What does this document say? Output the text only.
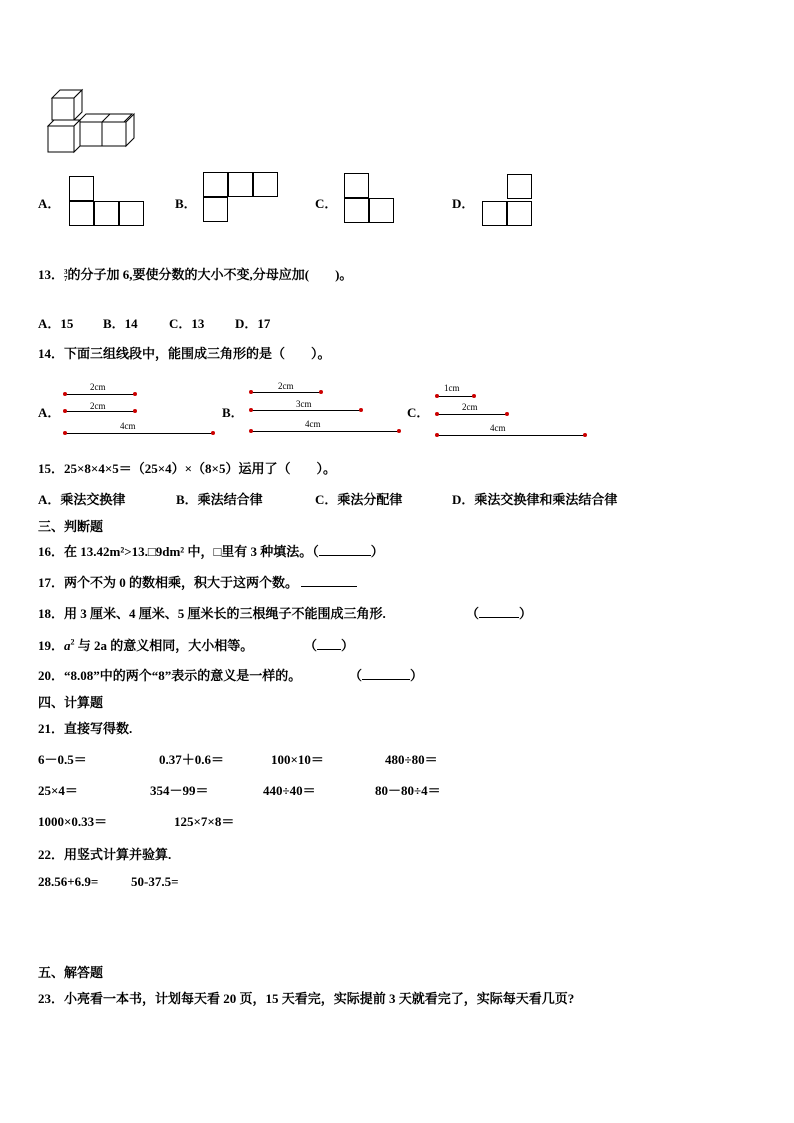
A．	B．	C．	D．
13．3
7的分子加 6,要使分数的大小不变,分母应加(　　)。
A．15 B．14 C．13 D．17
14．下面三组线段中，能围成三角形的是（　　）。
A．
2cm
2cm
4cm
B．
2cm
3cm
4cm
C．
1cm
2cm
4cm
15．25×8×4×5＝（25×4）×（8×5）运用了（　　）。
A．乘法交换律	B．乘法结合律	C．乘法分配律	D．乘法交换律和乘法结合律
三、判断题
16．在 13.42m²>13.□9dm² 中，□里有 3 种填法。（	）
17．两个不为 0 的数相乘，积大于这两个数。
18．用 3 厘米、4 厘米、5 厘米长的三根绳子不能围成三角形.	（	）
19．$a^2$ 与 2a 的意义相同，大小相等。	（ ）
20．“8.08”中的两个“8”表示的意义是一样的。	（	）
四、计算题
21．直接写得数.
6－0.5＝	0.37＋0.6＝	100×10＝	480÷80＝
25×4＝	354－99＝	440÷40＝	80－80÷4＝
1000×0.33＝	125×7×8＝
22．用竖式计算并验算.
28.56+6.9=	50-37.5=
五、解答题
23．小亮看一本书，计划每天看 20 页，15 天看完，实际提前 3 天就看完了，实际每天看几页?
